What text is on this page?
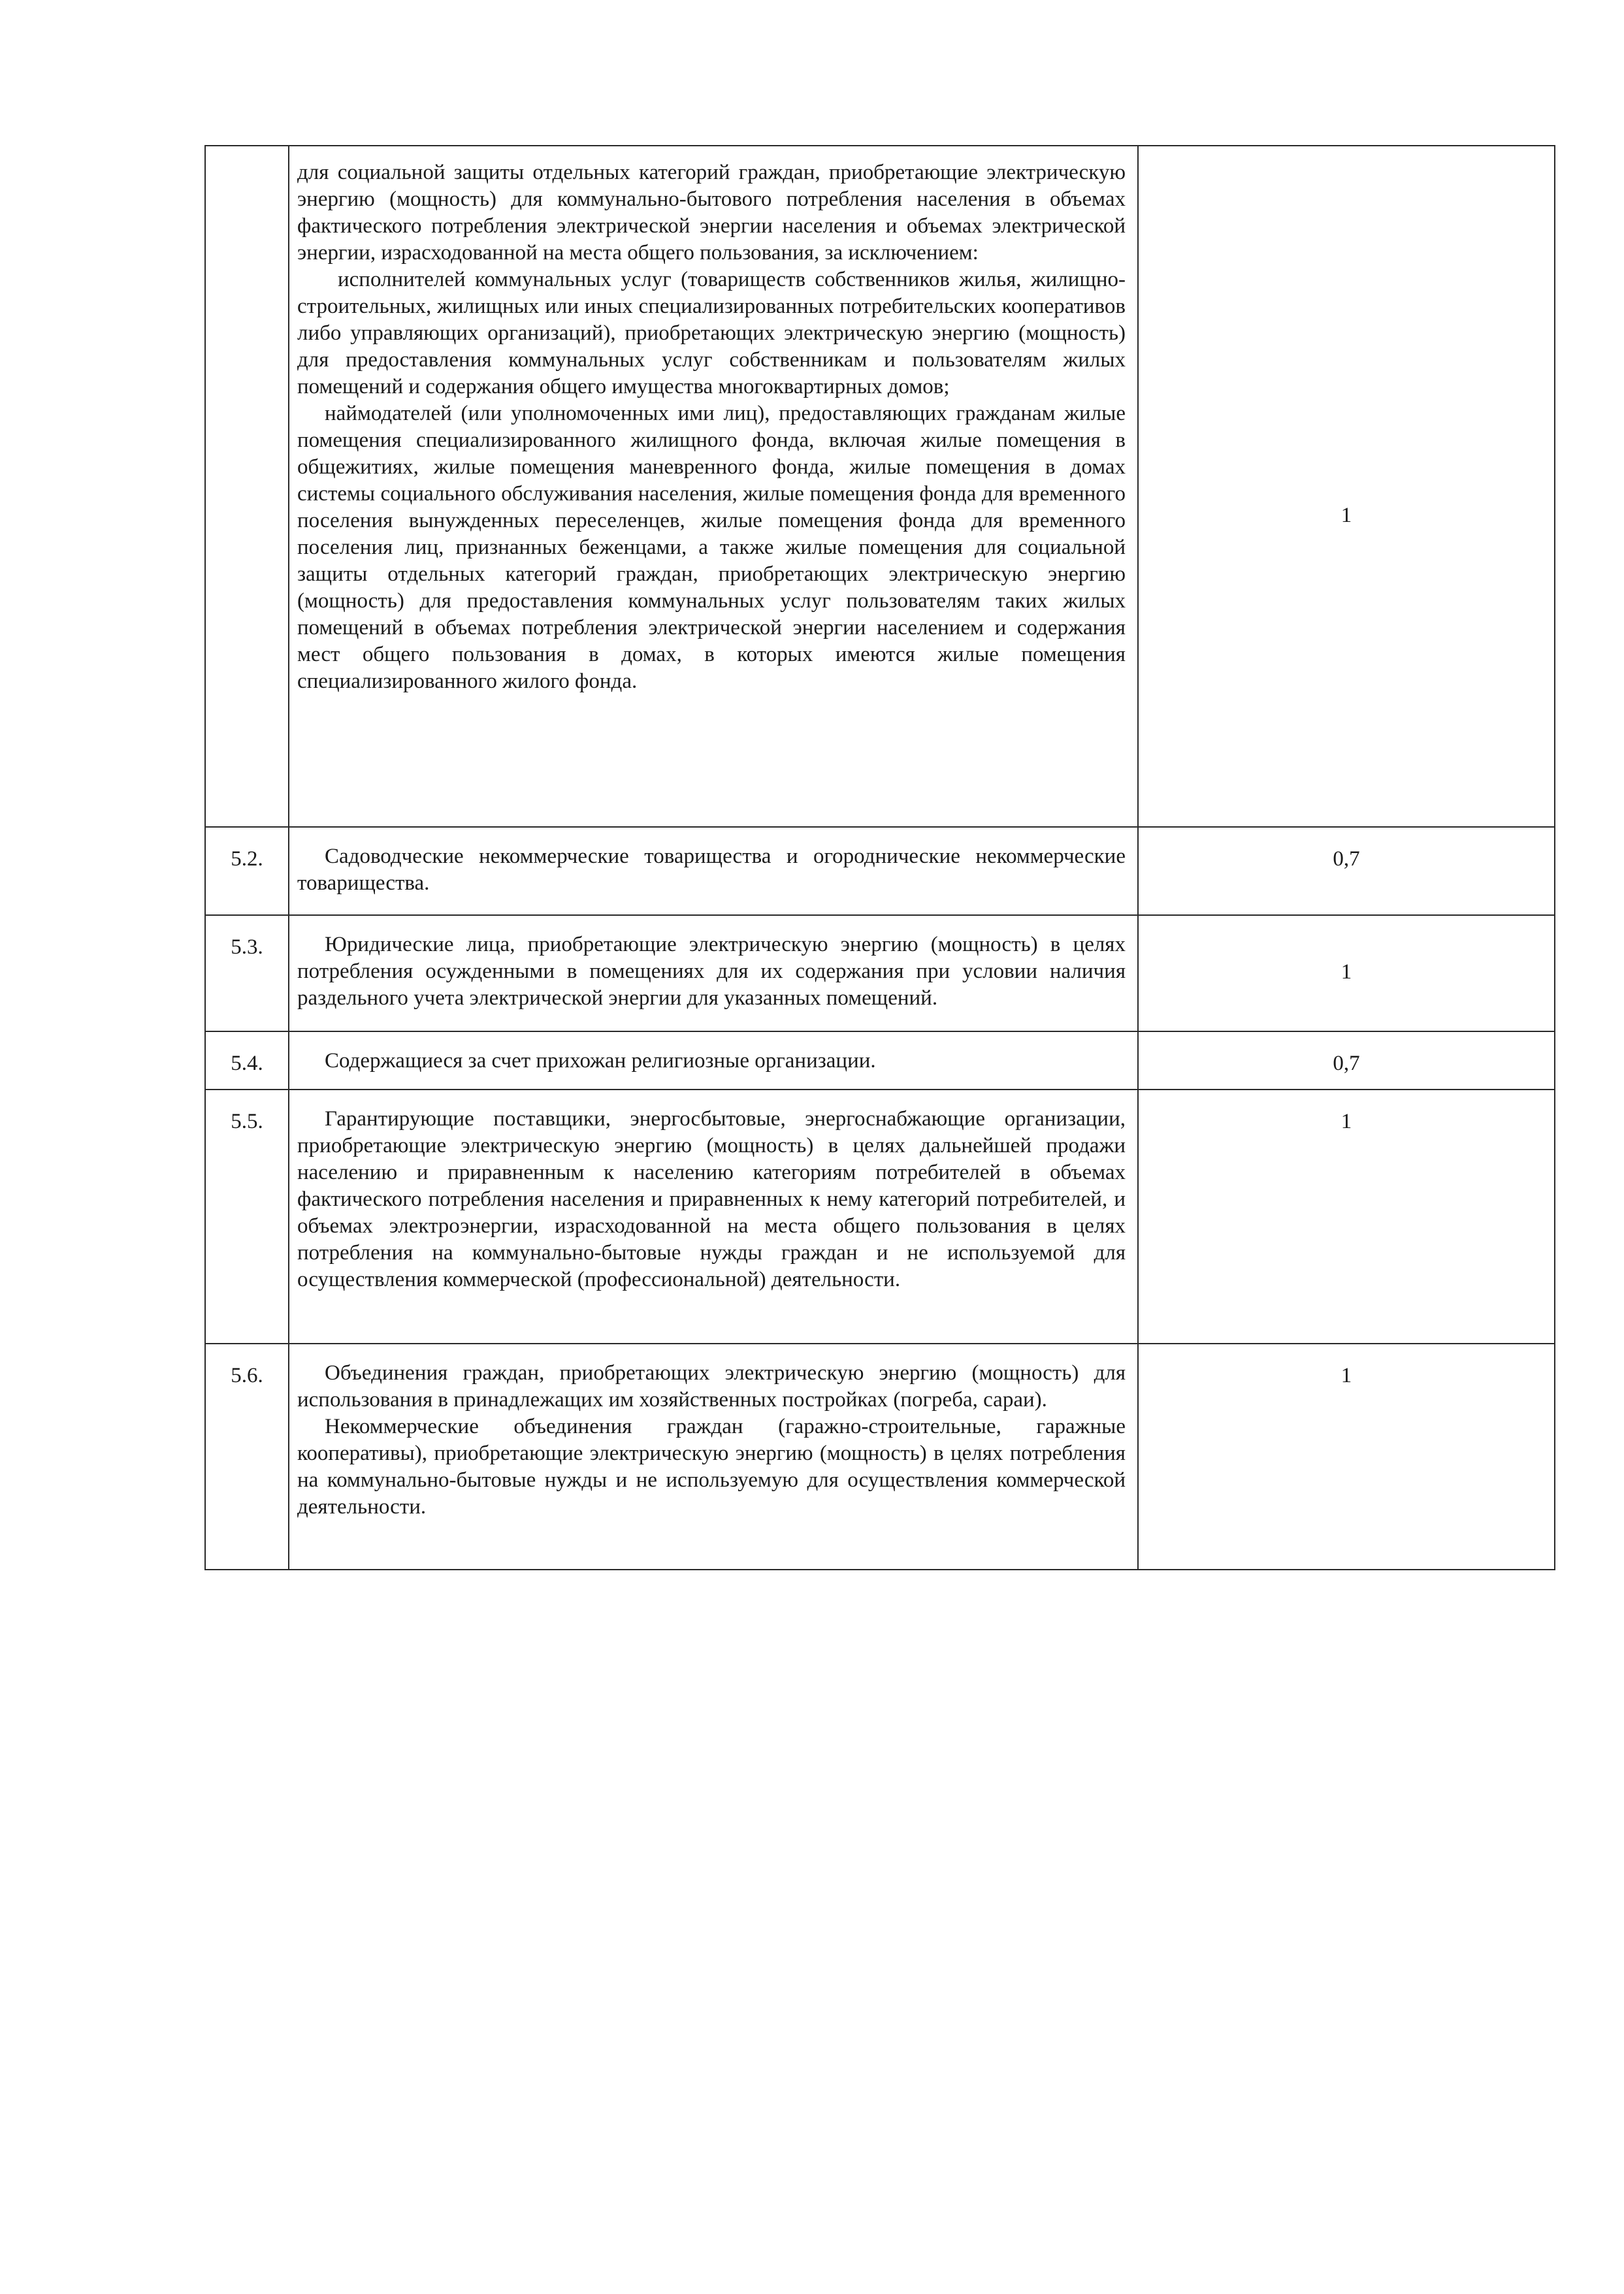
	для социальной защиты отдельных категорий граждан, приобретающие электрическую энергию (мощность) для коммунально-бытового потребления населения в объемах фактического потребления электрической энергии населения и объемах электрической энергии, израсходованной на места общего пользования, за исключением:

исполнителей коммунальных услуг (товариществ собственников жилья, жилищно-строительных, жилищных или иных специализированных потребительских кооперативов либо управляющих организаций), приобретающих электрическую энергию (мощность) для предоставления коммунальных услуг собственникам и пользователям жилых помещений и содержания общего имущества многоквартирных домов;

наймодателей (или уполномоченных ими лиц), предоставляющих гражданам жилые помещения специализированного жилищного фонда, включая жилые помещения в общежитиях, жилые помещения маневренного фонда, жилые помещения в домах системы социального обслуживания населения, жилые помещения фонда для временного поселения вынужденных переселенцев, жилые помещения фонда для временного поселения лиц, признанных беженцами, а также жилые помещения для социальной защиты отдельных категорий граждан, приобретающих электрическую энергию (мощность) для предоставления коммунальных услуг пользователям таких жилых помещений в объемах потребления электрической энергии населением и содержания мест общего пользования в домах, в которых имеются жилые помещения специализированного жилого фонда.	1

5.2.	Садоводческие некоммерческие товарищества и огороднические некоммерческие товарищества.	0,7
5.3.	Юридические лица, приобретающие электрическую энергию (мощность) в целях потребления осужденными в помещениях для их содержания при условии наличия раздельного учета электрической энергии для указанных помещений.	1
5.4.	Содержащиеся за счет прихожан религиозные организации.	0,7
5.5.	Гарантирующие поставщики, энергосбытовые, энергоснабжающие организации, приобретающие электрическую энергию (мощность) в целях дальнейшей продажи населению и приравненным к населению категориям потребителей в объемах фактического потребления населения и приравненных к нему категорий потребителей, и объемах электроэнергии, израсходованной на места общего пользования в целях потребления на коммунально-бытовые нужды граждан и не используемой для осуществления коммерческой (профессиональной) деятельности.	1
5.6.	Объединения граждан, приобретающих электрическую энергию (мощность) для использования в принадлежащих им хозяйственных постройках (погреба, сараи).

Некоммерческие объединения граждан (гаражно-строительные, гаражные кооперативы), приобретающие электрическую энергию (мощность) в целях потребления на коммунально-бытовые нужды и не используемую для осуществления коммерческой деятельности.	1
